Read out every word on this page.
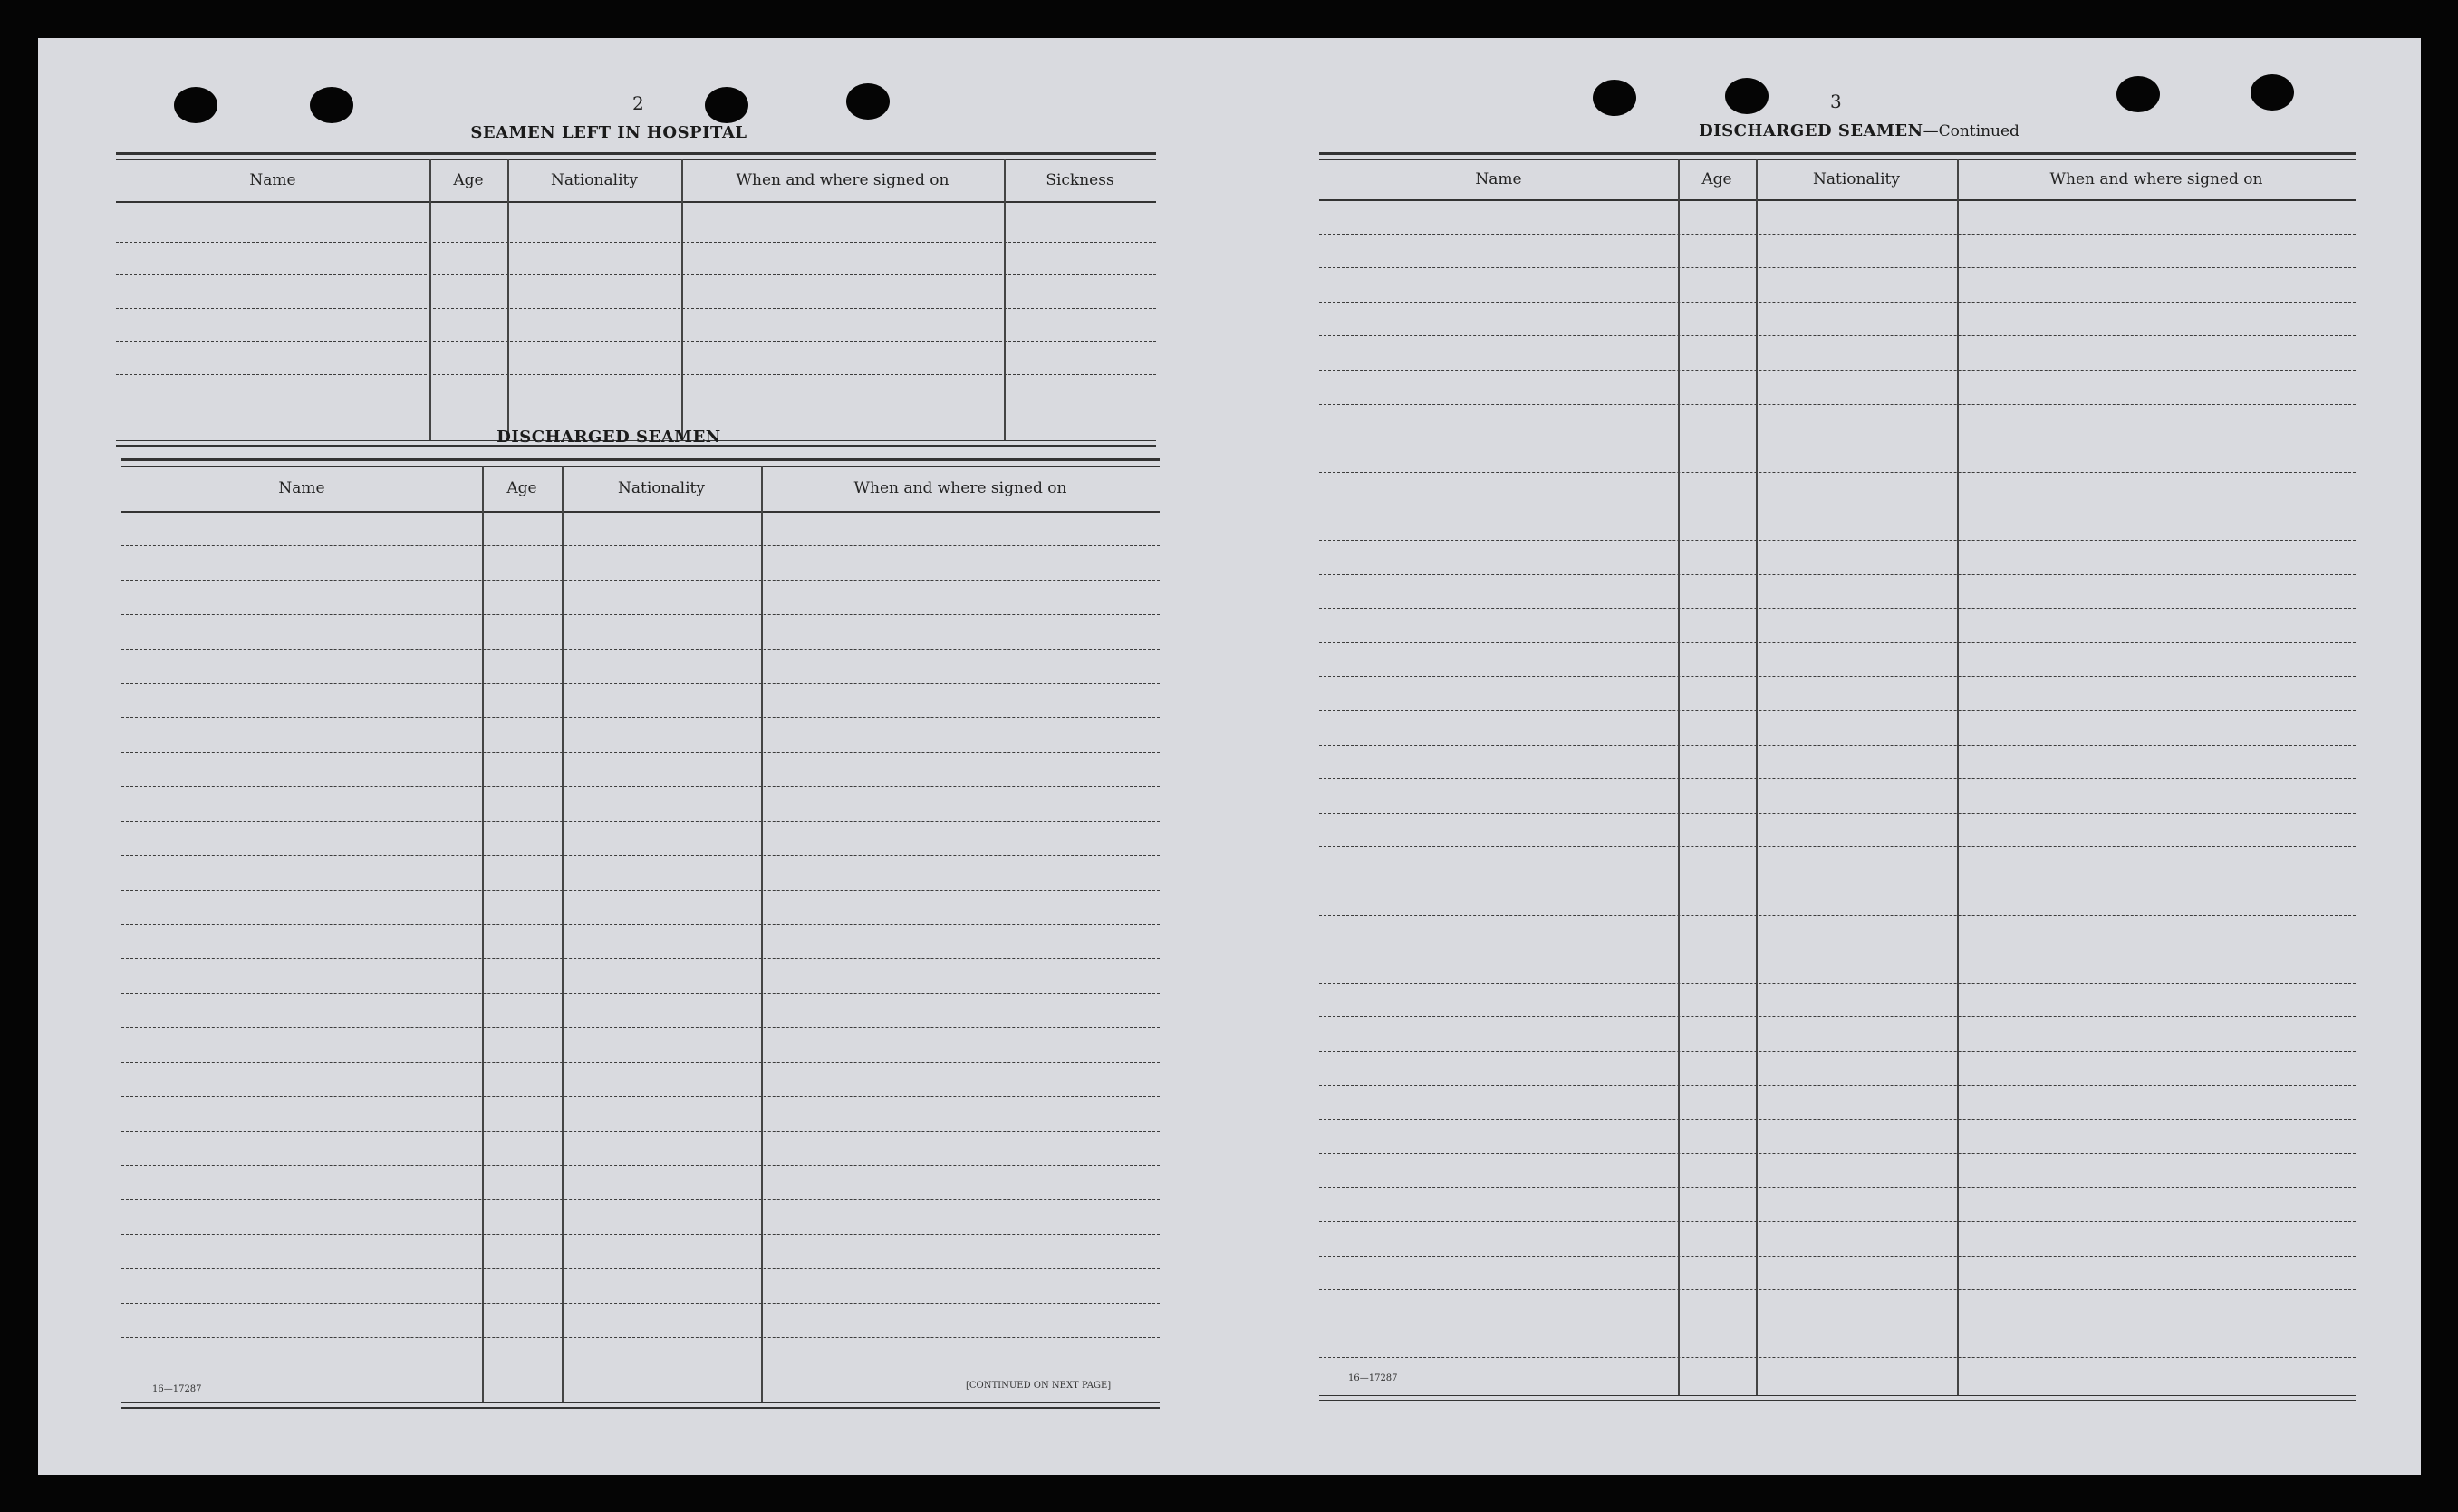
2
SEAMEN LEFT IN HOSPITAL
Name	Age	Nationality	When and where signed on	Sickness
DISCHARGED SEAMEN
Name	Age	Nationality	When and where signed on
16—17287	[CONTINUED ON NEXT PAGE]
3
DISCHARGED SEAMEN—Continued
Name	Age	Nationality	When and where signed on
16—17287
